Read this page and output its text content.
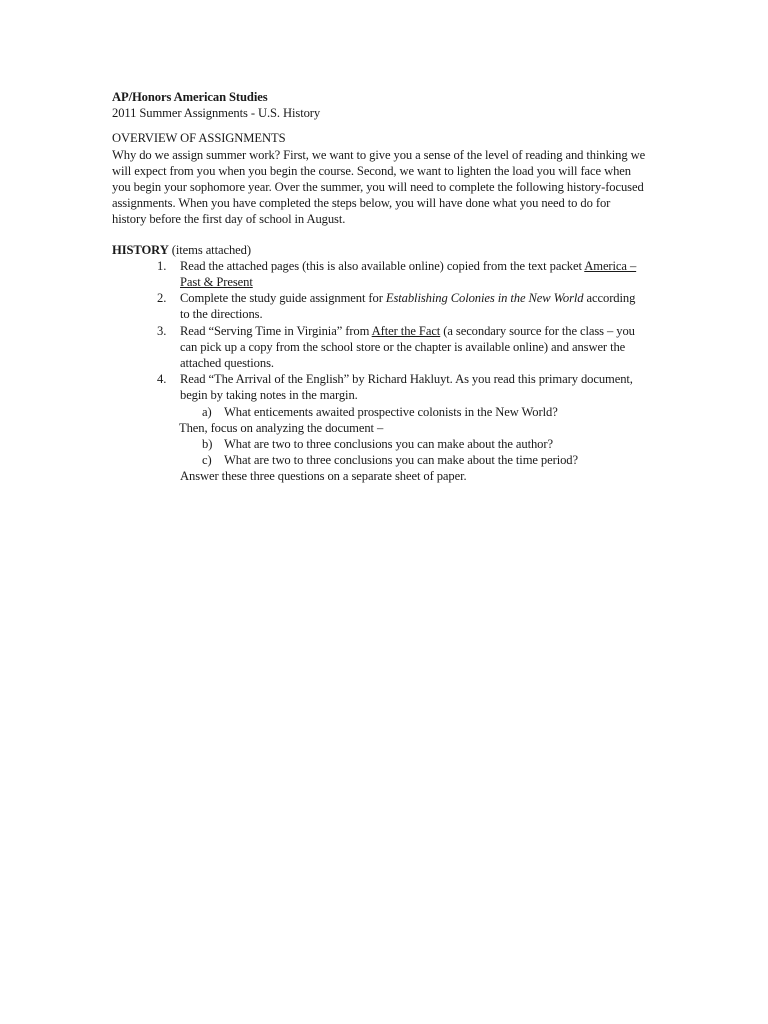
AP/Honors American Studies

2011 Summer Assignments - U.S. History

OVERVIEW OF ASSIGNMENTS

Why do we assign summer work? First, we want to give you a sense of the level of reading and thinking we will expect from you when you begin the course. Second, we want to lighten the load you will face when you begin your sophomore year. Over the summer, you will need to complete the following history-focused assignments. When you have completed the steps below, you will have done what you need to do for history before the first day of school in August.

HISTORY (items attached)

1. Read the attached pages (this is also available online) copied from the text packet America – Past & Present
2. Complete the study guide assignment for Establishing Colonies in the New World according to the directions.
3. Read “Serving Time in Virginia” from After the Fact (a secondary source for the class – you can pick up a copy from the school store or the chapter is available online) and answer the attached questions.
4. Read “The Arrival of the English” by Richard Hakluyt. As you read this primary document, begin by taking notes in the margin.
a) What enticements awaited prospective colonists in the New World?
Then, focus on analyzing the document –
b) What are two to three conclusions you can make about the author?
c) What are two to three conclusions you can make about the time period?
Answer these three questions on a separate sheet of paper.
